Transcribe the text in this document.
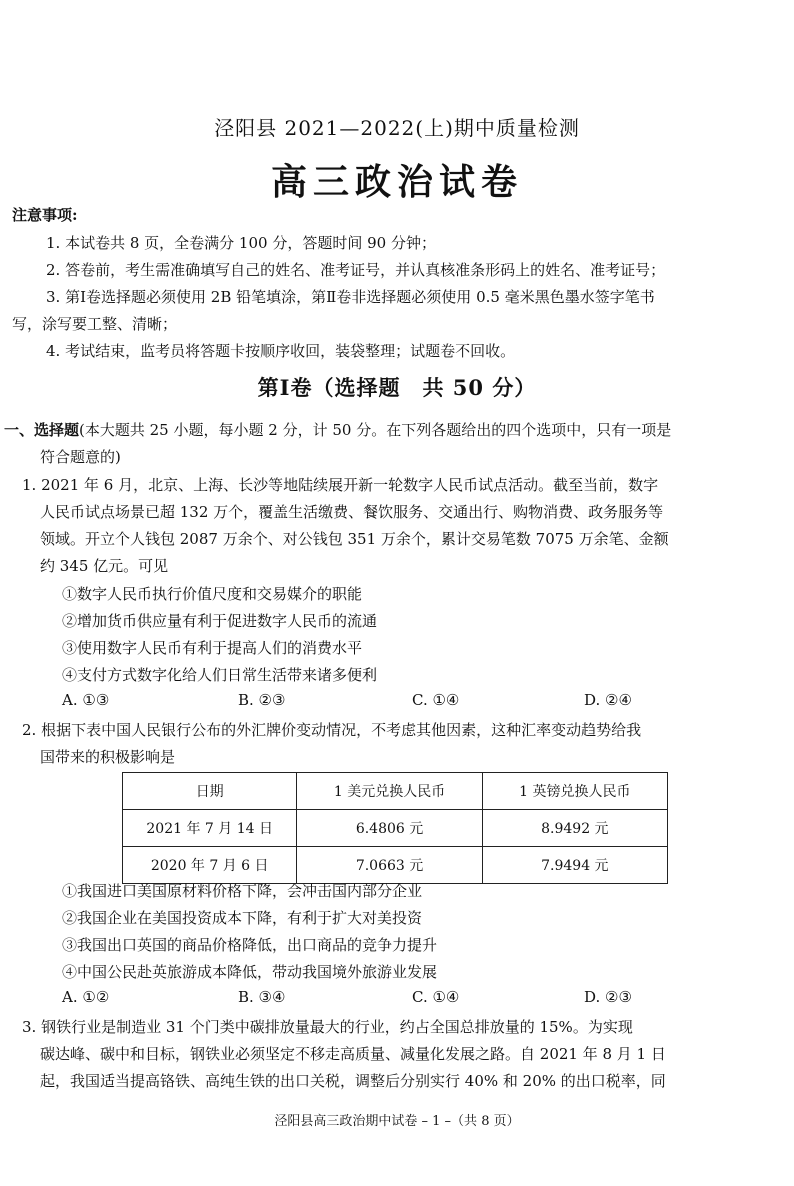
泾阳县 2021—2022(上)期中质量检测
高三政治试卷
注意事项:
1. 本试卷共 8 页，全卷满分 100 分，答题时间 90 分钟；
2. 答卷前，考生需准确填写自己的姓名、准考证号，并认真核准条形码上的姓名、准考证号；
3. 第Ⅰ卷选择题必须使用 2B 铅笔填涂，第Ⅱ卷非选择题必须使用 0.5 毫米黑色墨水签字笔书
写，涂写要工整、清晰；
4. 考试结束，监考员将答题卡按顺序收回，装袋整理；试题卷不回收。
第Ⅰ卷（选择题　共 50 分）
一、选择题(本大题共 25 小题，每小题 2 分，计 50 分。在下列各题给出的四个选项中，只有一项是
符合题意的)
1. 2021 年 6 月，北京、上海、长沙等地陆续展开新一轮数字人民币试点活动。截至当前，数字
人民币试点场景已超 132 万个，覆盖生活缴费、餐饮服务、交通出行、购物消费、政务服务等
领域。开立个人钱包 2087 万余个、对公钱包 351 万余个，累计交易笔数 7075 万余笔、金额
约 345 亿元。可见
①数字人民币执行价值尺度和交易媒介的职能
②增加货币供应量有利于促进数字人民币的流通
③使用数字人民币有利于提高人们的消费水平
④支付方式数字化给人们日常生活带来诸多便利
A. ①③	B. ②③	C. ①④	D. ②④
2. 根据下表中国人民银行公布的外汇牌价变动情况，不考虑其他因素，这种汇率变动趋势给我
国带来的积极影响是
日期	1 美元兑换人民币	1 英镑兑换人民币
2021 年 7 月 14 日	6.4806 元	8.9492 元
2020 年 7 月 6 日	7.0663 元	7.9494 元
①我国进口美国原材料价格下降，会冲击国内部分企业
②我国企业在美国投资成本下降，有利于扩大对美投资
③我国出口英国的商品价格降低，出口商品的竞争力提升
④中国公民赴英旅游成本降低，带动我国境外旅游业发展
A. ①②	B. ③④	C. ①④	D. ②③
3. 钢铁行业是制造业 31 个门类中碳排放量最大的行业，约占全国总排放量的 15%。为实现
碳达峰、碳中和目标，钢铁业必须坚定不移走高质量、减量化发展之路。自 2021 年 8 月 1 日
起，我国适当提高铬铁、高纯生铁的出口关税，调整后分别实行 40% 和 20% 的出口税率，同
泾阳县高三政治期中试卷 – 1 –（共 8 页）
